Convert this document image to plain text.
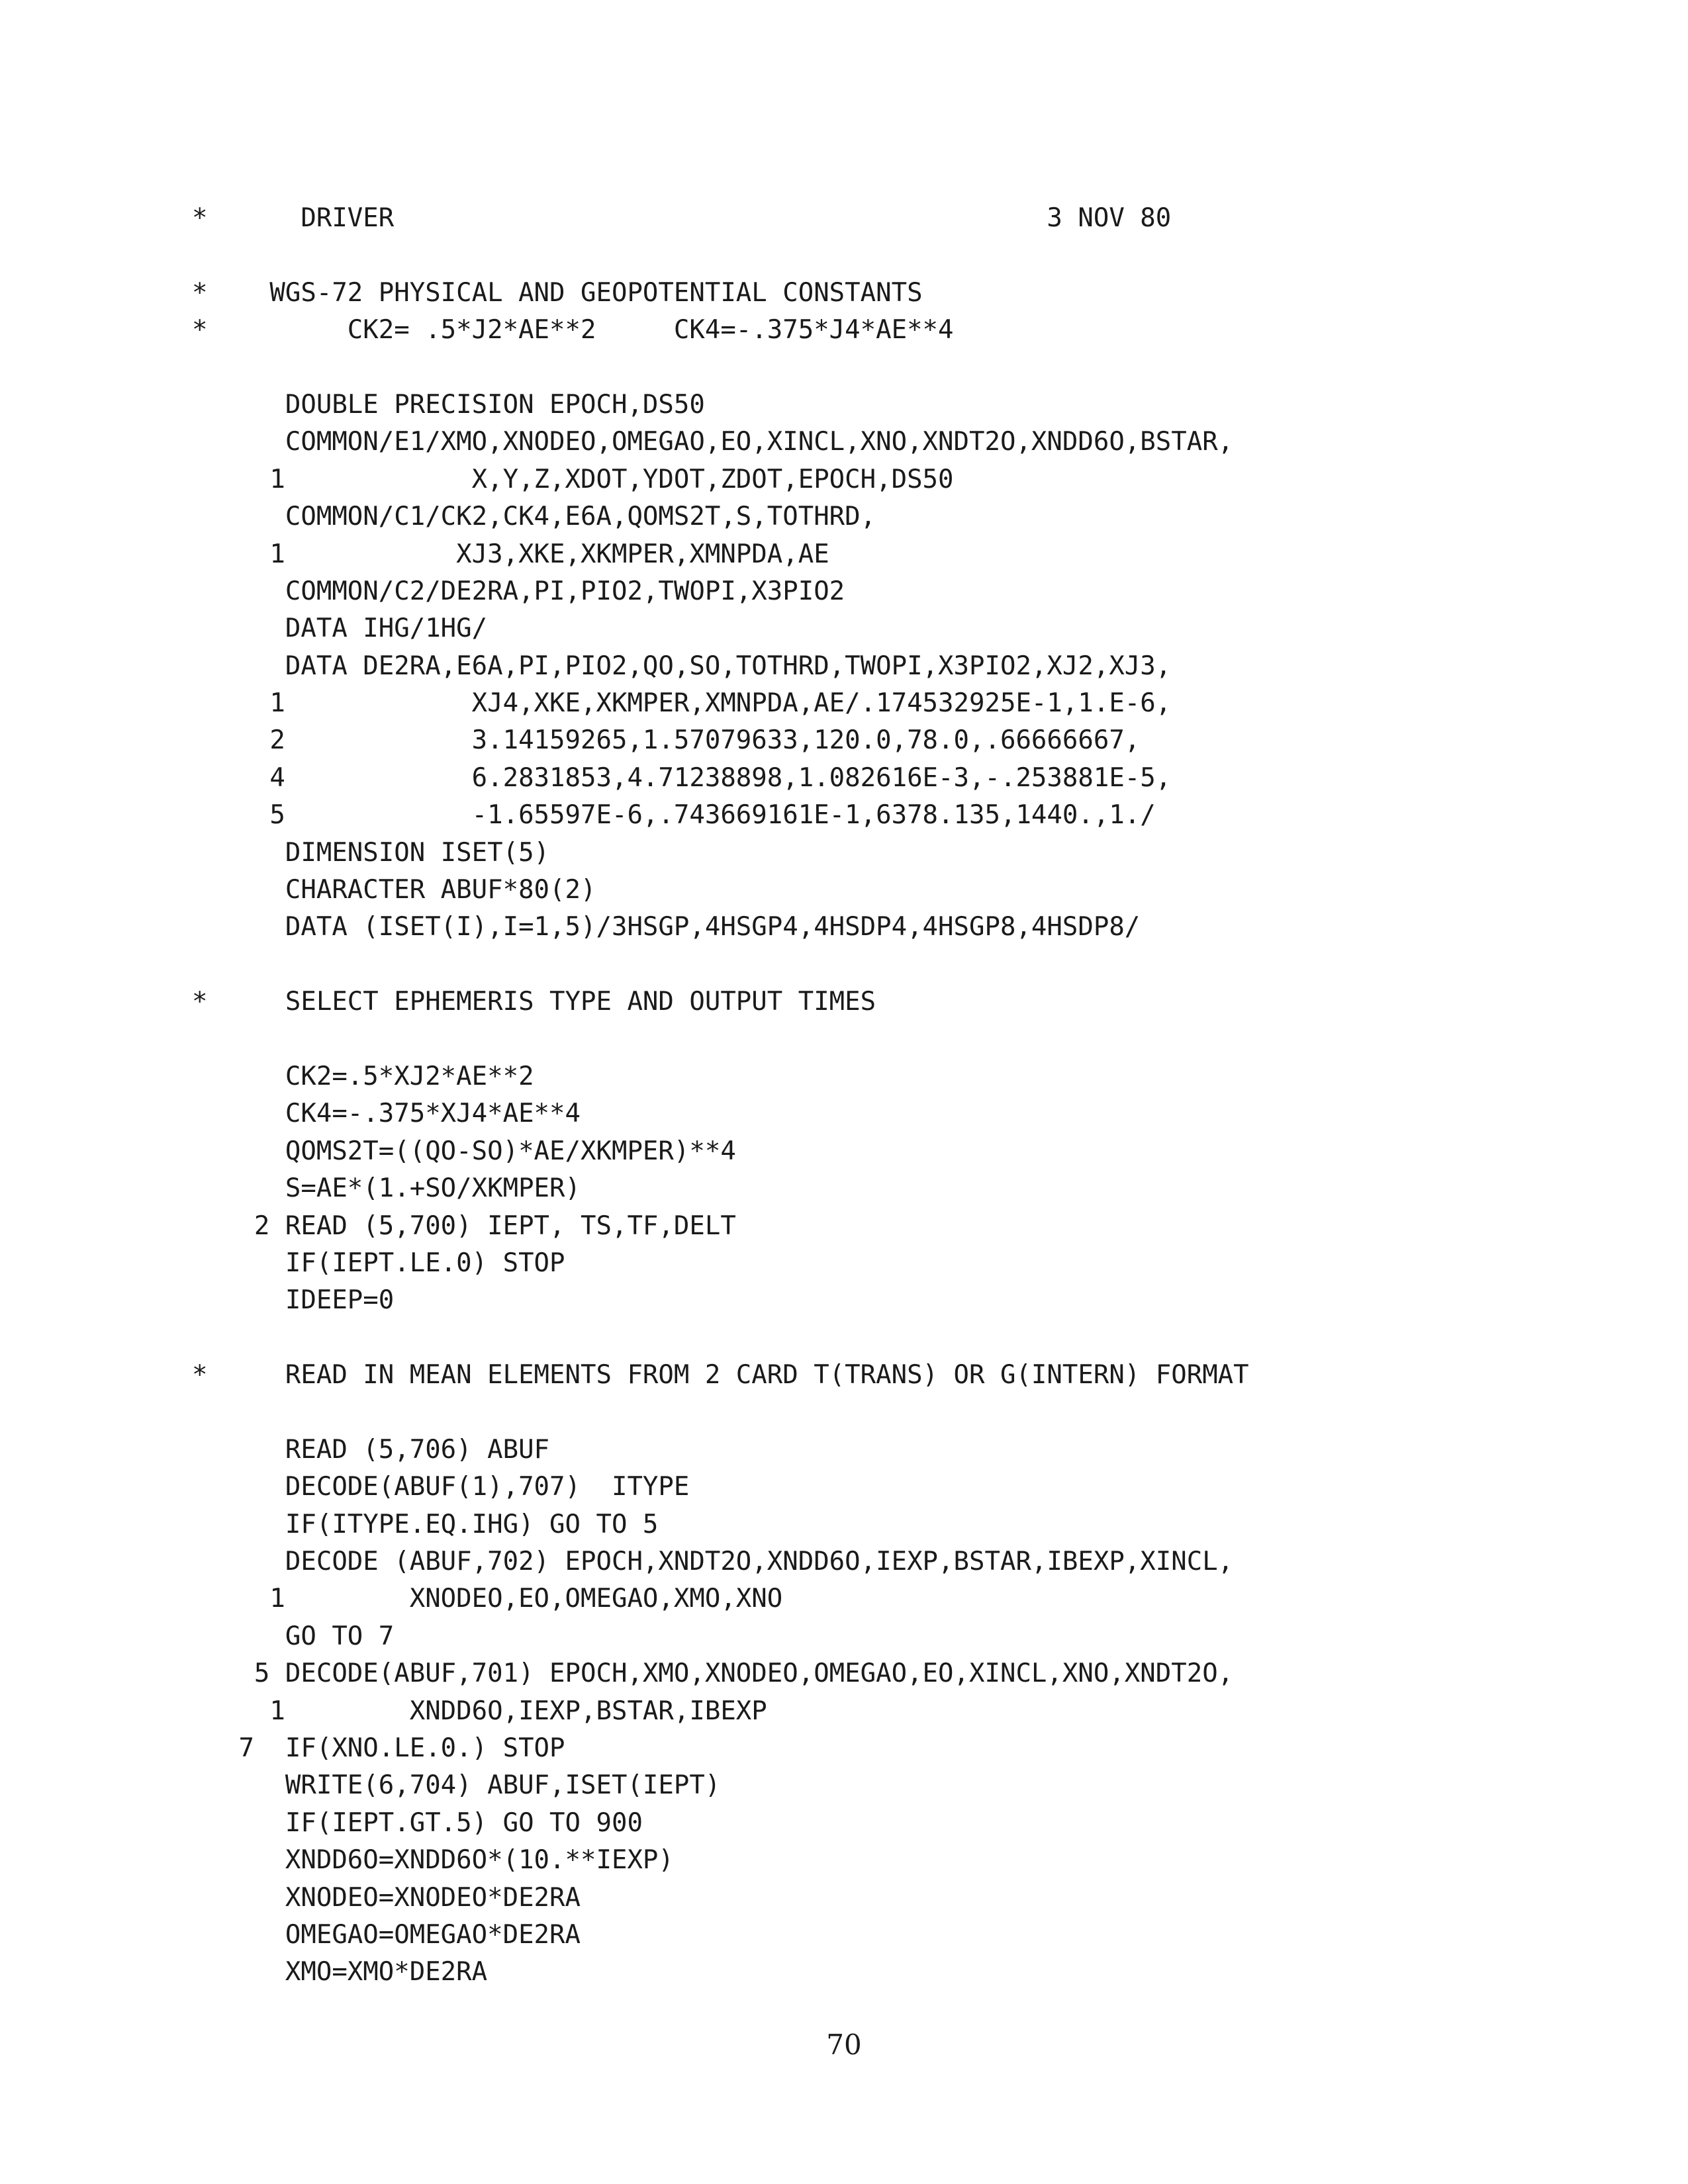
*      DRIVER                                          3 NOV 80
*    WGS-72 PHYSICAL AND GEOPOTENTIAL CONSTANTS
*         CK2= .5*J2*AE**2     CK4=-.375*J4*AE**4
DOUBLE PRECISION EPOCH,DS50
COMMON/E1/XMO,XNODEO,OMEGAO,EO,XINCL,XNO,XNDT2O,XNDD6O,BSTAR,
1            X,Y,Z,XDOT,YDOT,ZDOT,EPOCH,DS50
COMMON/C1/CK2,CK4,E6A,QOMS2T,S,TOTHRD,
1           XJ3,XKE,XKMPER,XMNPDA,AE
COMMON/C2/DE2RA,PI,PIO2,TWOPI,X3PIO2
DATA IHG/1HG/
DATA DE2RA,E6A,PI,PIO2,QO,SO,TOTHRD,TWOPI,X3PIO2,XJ2,XJ3,
1            XJ4,XKE,XKMPER,XMNPDA,AE/.174532925E-1,1.E-6,
2            3.14159265,1.57079633,120.0,78.0,.66666667,
4            6.2831853,4.71238898,1.082616E-3,-.253881E-5,
5            -1.65597E-6,.743669161E-1,6378.135,1440.,1./
DIMENSION ISET(5)
CHARACTER ABUF*80(2)
DATA (ISET(I),I=1,5)/3HSGP,4HSGP4,4HSDP4,4HSGP8,4HSDP8/
*     SELECT EPHEMERIS TYPE AND OUTPUT TIMES
CK2=.5*XJ2*AE**2
CK4=-.375*XJ4*AE**4
QOMS2T=((QO-SO)*AE/XKMPER)**4
S=AE*(1.+SO/XKMPER)
2 READ (5,700) IEPT, TS,TF,DELT
IF(IEPT.LE.0) STOP
IDEEP=0
*     READ IN MEAN ELEMENTS FROM 2 CARD T(TRANS) OR G(INTERN) FORMAT
READ (5,706) ABUF
DECODE(ABUF(1),707)  ITYPE
IF(ITYPE.EQ.IHG) GO TO 5
DECODE (ABUF,702) EPOCH,XNDT2O,XNDD6O,IEXP,BSTAR,IBEXP,XINCL,
1        XNODEO,EO,OMEGAO,XMO,XNO
GO TO 7
5 DECODE(ABUF,701) EPOCH,XMO,XNODEO,OMEGAO,EO,XINCL,XNO,XNDT2O,
1        XNDD6O,IEXP,BSTAR,IBEXP
7  IF(XNO.LE.0.) STOP
WRITE(6,704) ABUF,ISET(IEPT)
IF(IEPT.GT.5) GO TO 900
XNDD6O=XNDD6O*(10.**IEXP)
XNODEO=XNODEO*DE2RA
OMEGAO=OMEGAO*DE2RA
XMO=XMO*DE2RA
70
